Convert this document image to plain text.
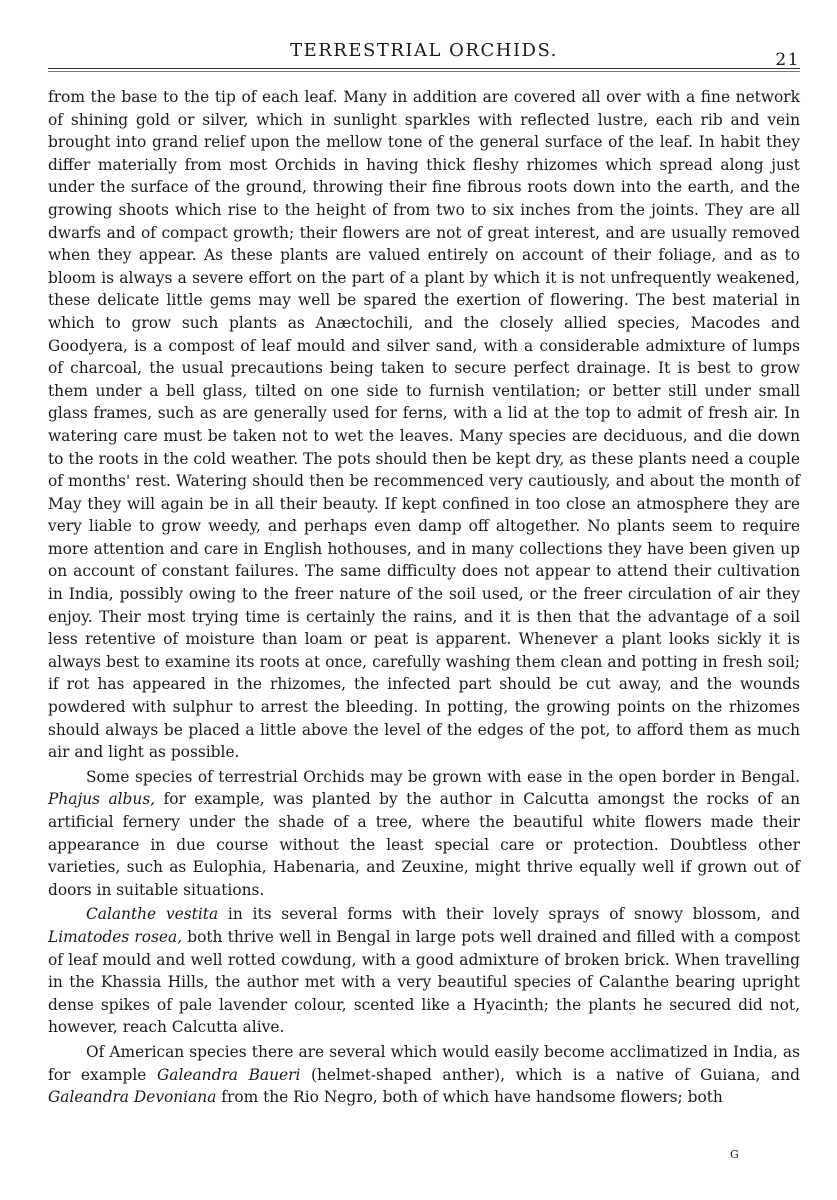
TERRESTRIAL ORCHIDS.	21

from the base to the tip of each leaf. Many in addition are covered all over with a fine network of shining gold or silver, which in sunlight sparkles with reflected lustre, each rib and vein brought into grand relief upon the mellow tone of the general surface of the leaf. In habit they differ materially from most Orchids in having thick fleshy rhizomes which spread along just under the surface of the ground, throwing their fine fibrous roots down into the earth, and the growing shoots which rise to the height of from two to six inches from the joints. They are all dwarfs and of compact growth; their flowers are not of great interest, and are usually removed when they appear. As these plants are valued entirely on account of their foliage, and as to bloom is always a severe effort on the part of a plant by which it is not unfrequently weakened, these delicate little gems may well be spared the exertion of flowering. The best material in which to grow such plants as Anæctochili, and the closely allied species, Macodes and Goodyera, is a compost of leaf mould and silver sand, with a considerable admixture of lumps of charcoal, the usual precautions being taken to secure perfect drainage. It is best to grow them under a bell glass, tilted on one side to furnish ventilation; or better still under small glass frames, such as are generally used for ferns, with a lid at the top to admit of fresh air. In watering care must be taken not to wet the leaves. Many species are deciduous, and die down to the roots in the cold weather. The pots should then be kept dry, as these plants need a couple of months' rest. Watering should then be recommenced very cautiously, and about the month of May they will again be in all their beauty. If kept confined in too close an atmosphere they are very liable to grow weedy, and perhaps even damp off altogether. No plants seem to require more attention and care in English hothouses, and in many collections they have been given up on account of constant failures. The same difficulty does not appear to attend their cultivation in India, possibly owing to the freer nature of the soil used, or the freer circulation of air they enjoy. Their most trying time is certainly the rains, and it is then that the advantage of a soil less retentive of moisture than loam or peat is apparent. Whenever a plant looks sickly it is always best to examine its roots at once, carefully washing them clean and potting in fresh soil; if rot has appeared in the rhizomes, the infected part should be cut away, and the wounds powdered with sulphur to arrest the bleeding. In potting, the growing points on the rhizomes should always be placed a little above the level of the edges of the pot, to afford them as much air and light as possible.

Some species of terrestrial Orchids may be grown with ease in the open border in Bengal. Phajus albus, for example, was planted by the author in Calcutta amongst the rocks of an artificial fernery under the shade of a tree, where the beautiful white flowers made their appearance in due course without the least special care or protection. Doubtless other varieties, such as Eulophia, Habenaria, and Zeuxine, might thrive equally well if grown out of doors in suitable situations.

Calanthe vestita in its several forms with their lovely sprays of snowy blossom, and Limatodes rosea, both thrive well in Bengal in large pots well drained and filled with a compost of leaf mould and well rotted cowdung, with a good admixture of broken brick. When travelling in the Khassia Hills, the author met with a very beautiful species of Calanthe bearing upright dense spikes of pale lavender colour, scented like a Hyacinth; the plants he secured did not, however, reach Calcutta alive.

Of American species there are several which would easily become acclimatized in India, as for example Galeandra Baueri (helmet-shaped anther), which is a native of Guiana, and Galeandra Devoniana from the Rio Negro, both of which have handsome flowers; both

G
